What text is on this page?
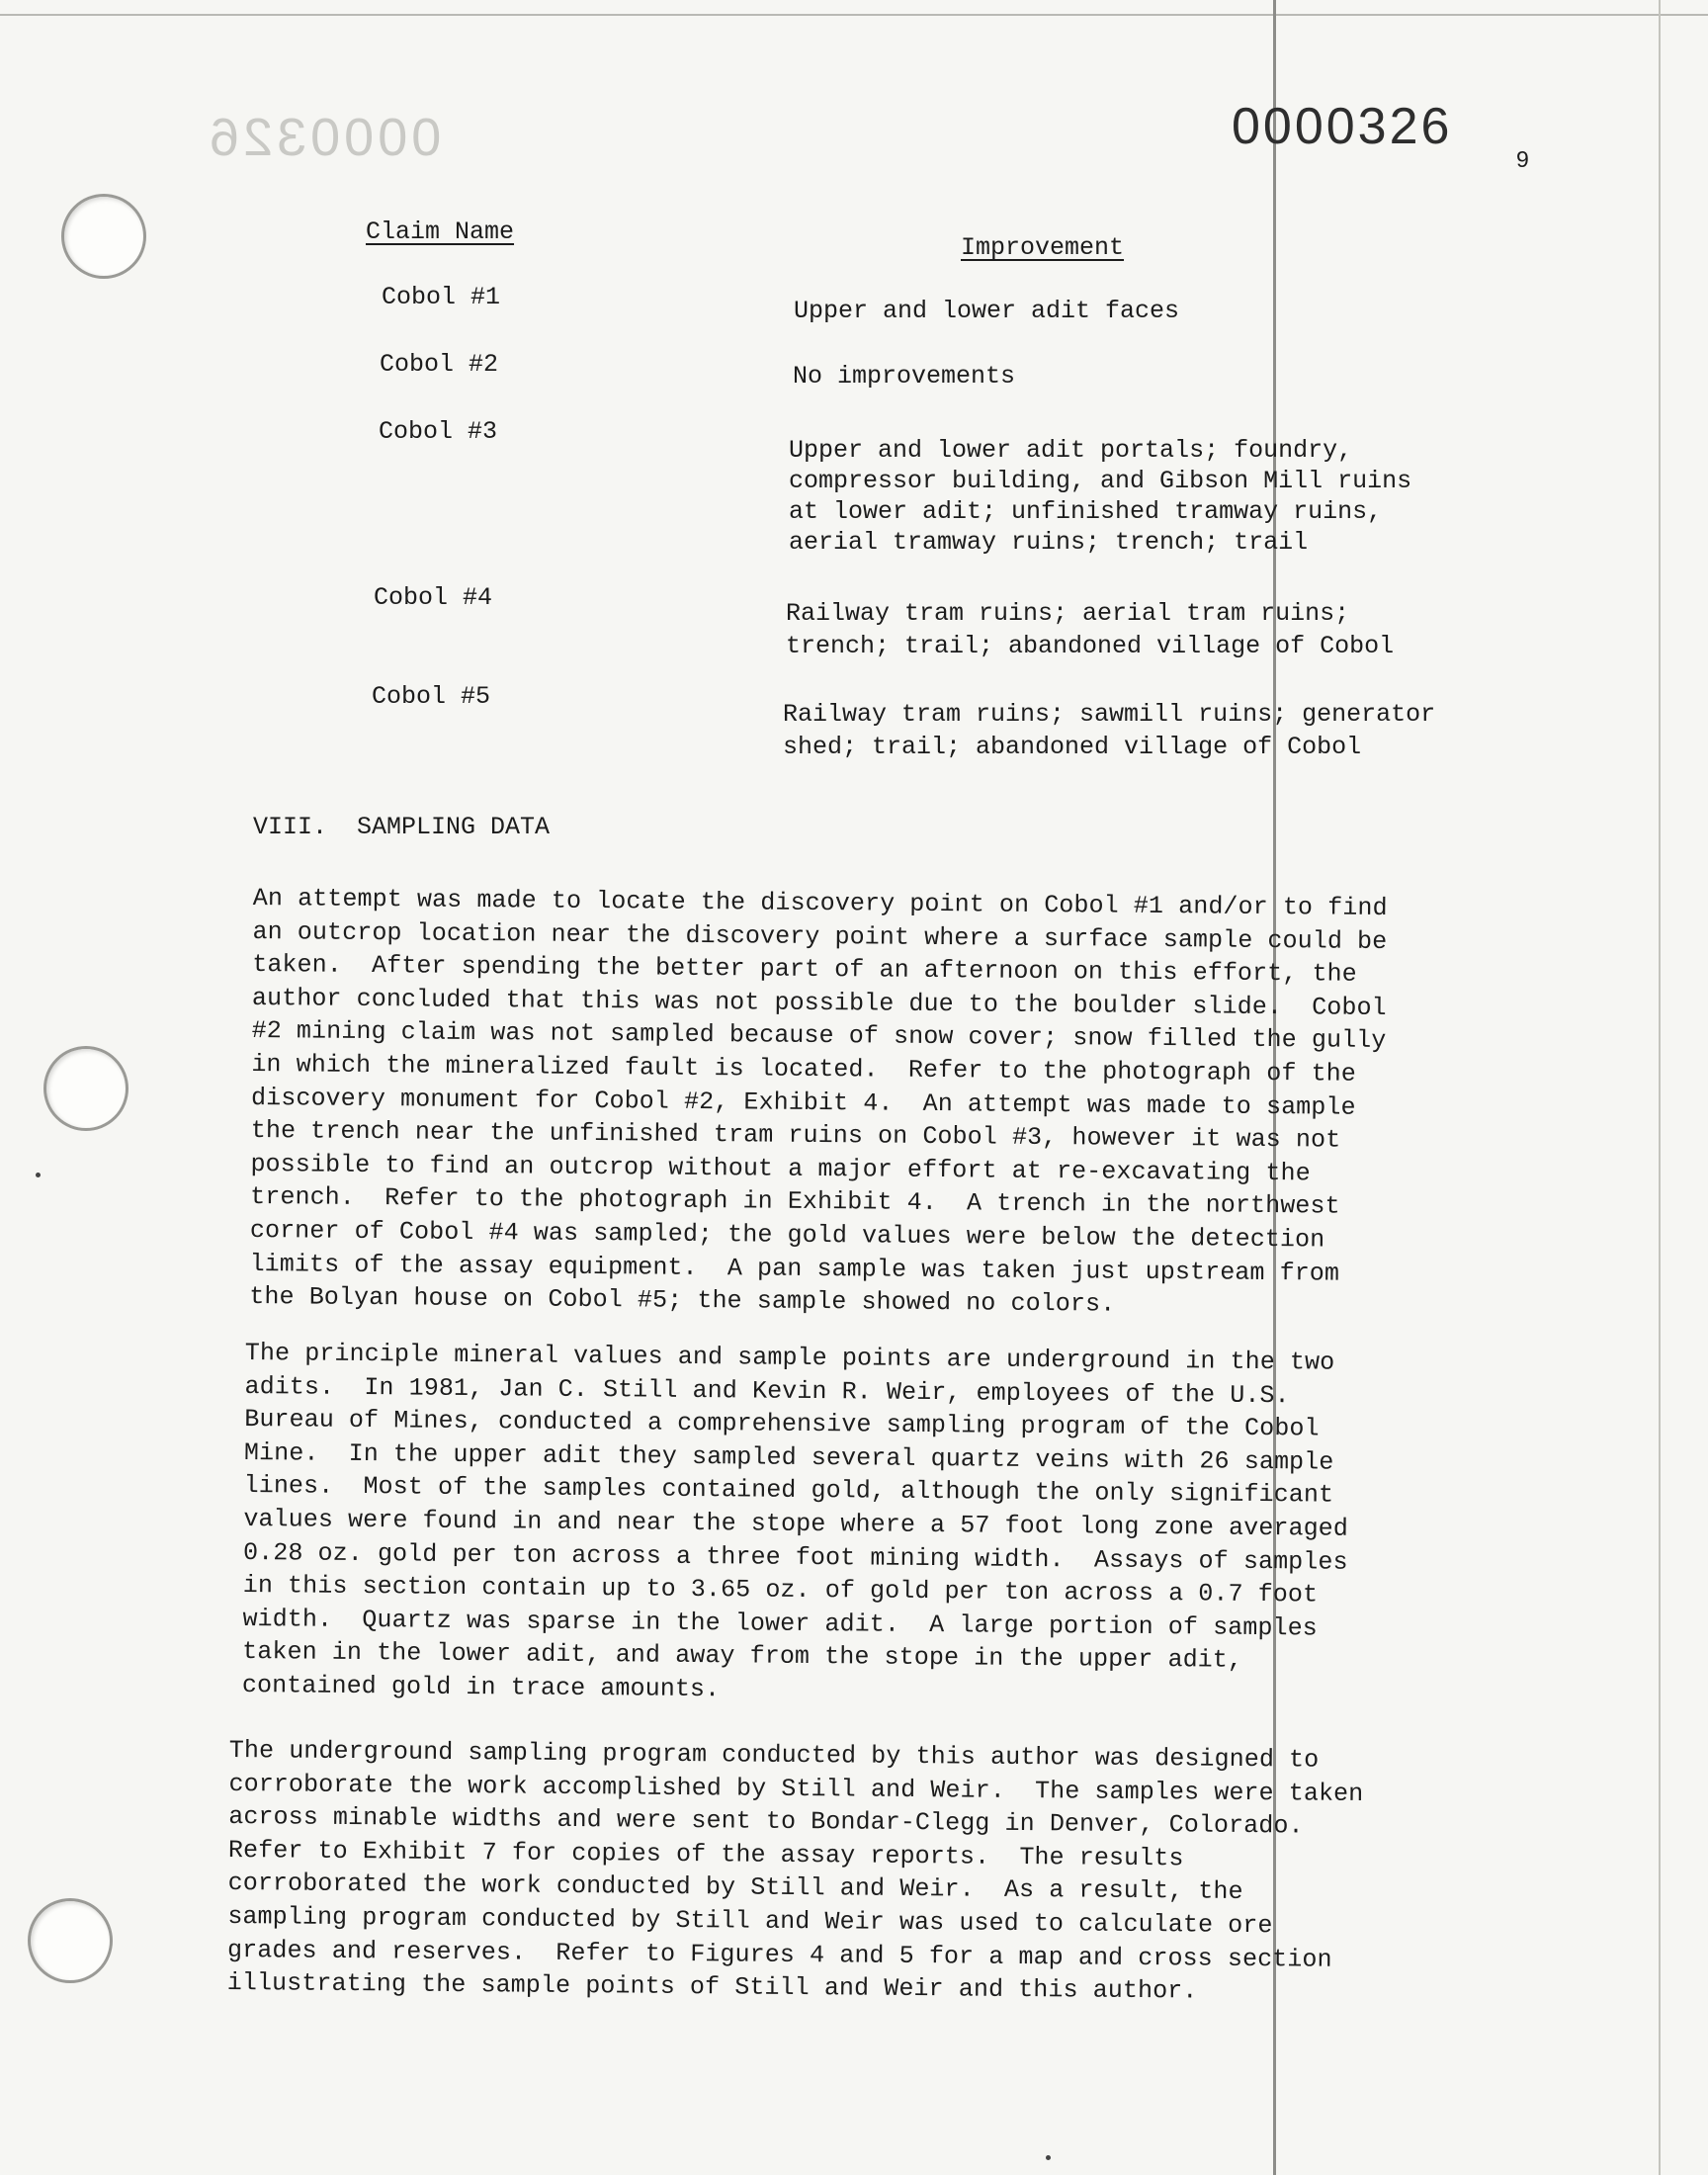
0000326	0000326
9
Claim Name
Improvement
Cobol #1	Upper and lower adit faces
Cobol #2	No improvements
Cobol #3
Upper and lower adit portals; foundry,
compressor building, and Gibson Mill ruins
at lower adit; unfinished tramway ruins,
aerial tramway ruins; trench; trail
Cobol #4
Railway tram ruins; aerial tram ruins;
trench; trail; abandoned village of Cobol
Cobol #5
Railway tram ruins; sawmill ruins; generator
shed; trail; abandoned village of Cobol
VIII.  SAMPLING DATA
An attempt was made to locate the discovery point on Cobol #1 and/or to find
an outcrop location near the discovery point where a surface sample could be
taken.  After spending the better part of an afternoon on this effort, the
author concluded that this was not possible due to the boulder slide.  Cobol
#2 mining claim was not sampled because of snow cover; snow filled the gully
in which the mineralized fault is located.  Refer to the photograph of the
discovery monument for Cobol #2, Exhibit 4.  An attempt was made to sample
the trench near the unfinished tram ruins on Cobol #3, however it was not
possible to find an outcrop without a major effort at re-excavating the
trench.  Refer to the photograph in Exhibit 4.  A trench in the northwest
corner of Cobol #4 was sampled; the gold values were below the detection
limits of the assay equipment.  A pan sample was taken just upstream from
the Bolyan house on Cobol #5; the sample showed no colors.
The principle mineral values and sample points are underground in the two
adits.  In 1981, Jan C. Still and Kevin R. Weir, employees of the U.S.
Bureau of Mines, conducted a comprehensive sampling program of the Cobol
Mine.  In the upper adit they sampled several quartz veins with 26 sample
lines.  Most of the samples contained gold, although the only significant
values were found in and near the stope where a 57 foot long zone averaged
0.28 oz. gold per ton across a three foot mining width.  Assays of samples
in this section contain up to 3.65 oz. of gold per ton across a 0.7 foot
width.  Quartz was sparse in the lower adit.  A large portion of samples
taken in the lower adit, and away from the stope in the upper adit,
contained gold in trace amounts.
The underground sampling program conducted by this author was designed to
corroborate the work accomplished by Still and Weir.  The samples were taken
across minable widths and were sent to Bondar-Clegg in Denver, Colorado.
Refer to Exhibit 7 for copies of the assay reports.  The results
corroborated the work conducted by Still and Weir.  As a result, the
sampling program conducted by Still and Weir was used to calculate ore
grades and reserves.  Refer to Figures 4 and 5 for a map and cross section
illustrating the sample points of Still and Weir and this author.
